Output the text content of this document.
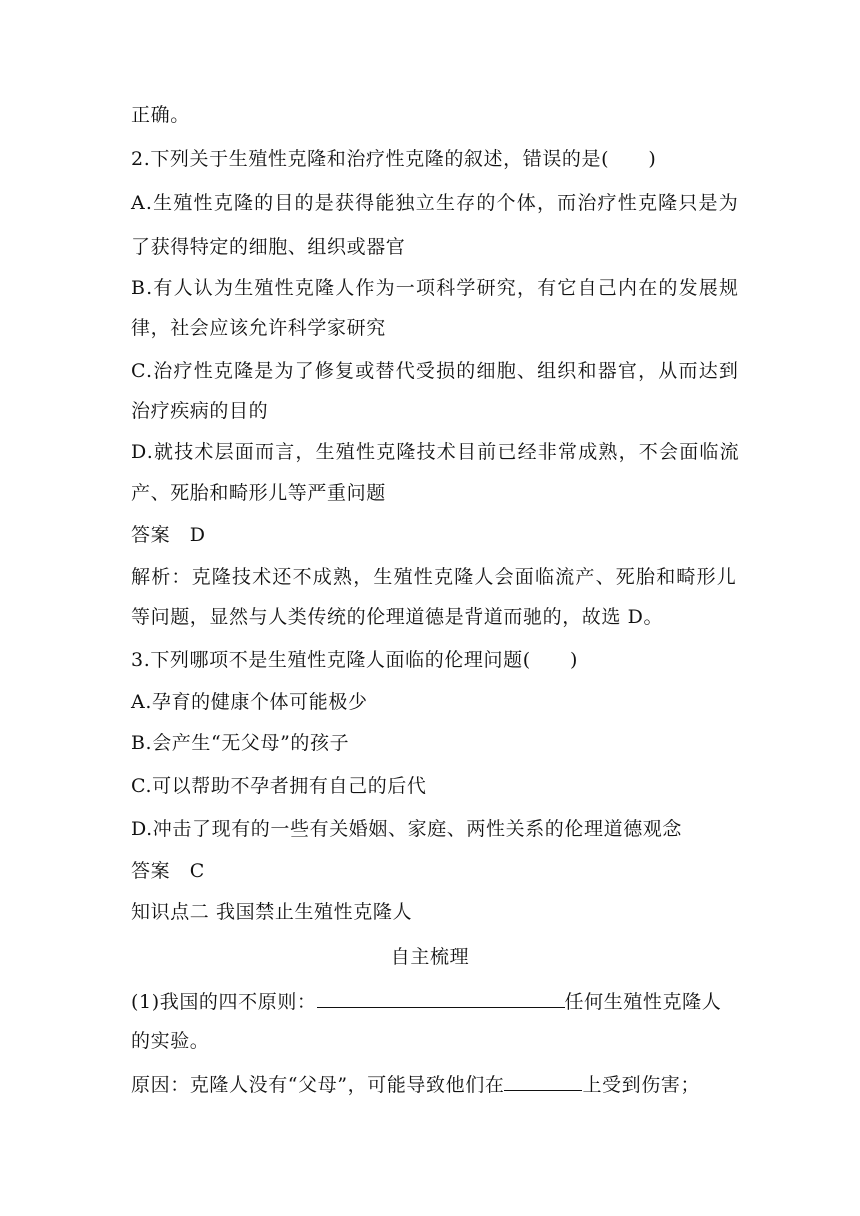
正确。
2.下列关于生殖性克隆和治疗性克隆的叙述，错误的是(　　)
A.生殖性克隆的目的是获得能独立生存的个体，而治疗性克隆只是为
了获得特定的细胞、组织或器官
B.有人认为生殖性克隆人作为一项科学研究，有它自己内在的发展规
律，社会应该允许科学家研究
C.治疗性克隆是为了修复或替代受损的细胞、组织和器官，从而达到
治疗疾病的目的
D.就技术层面而言，生殖性克隆技术目前已经非常成熟，不会面临流
产、死胎和畸形儿等严重问题
答案　D
解析：克隆技术还不成熟，生殖性克隆人会面临流产、死胎和畸形儿
等问题，显然与人类传统的伦理道德是背道而驰的，故选 D。
3.下列哪项不是生殖性克隆人面临的伦理问题(　　)
A.孕育的健康个体可能极少
B.会产生“无父母”的孩子
C.可以帮助不孕者拥有自己的后代
D.冲击了现有的一些有关婚姻、家庭、两性关系的伦理道德观念
答案　C
知识点二 我国禁止生殖性克隆人
自主梳理
(1)我国的四不原则：	任何生殖性克隆人
的实验。
原因：克隆人没有“父母”，可能导致他们在	上受到伤害；
